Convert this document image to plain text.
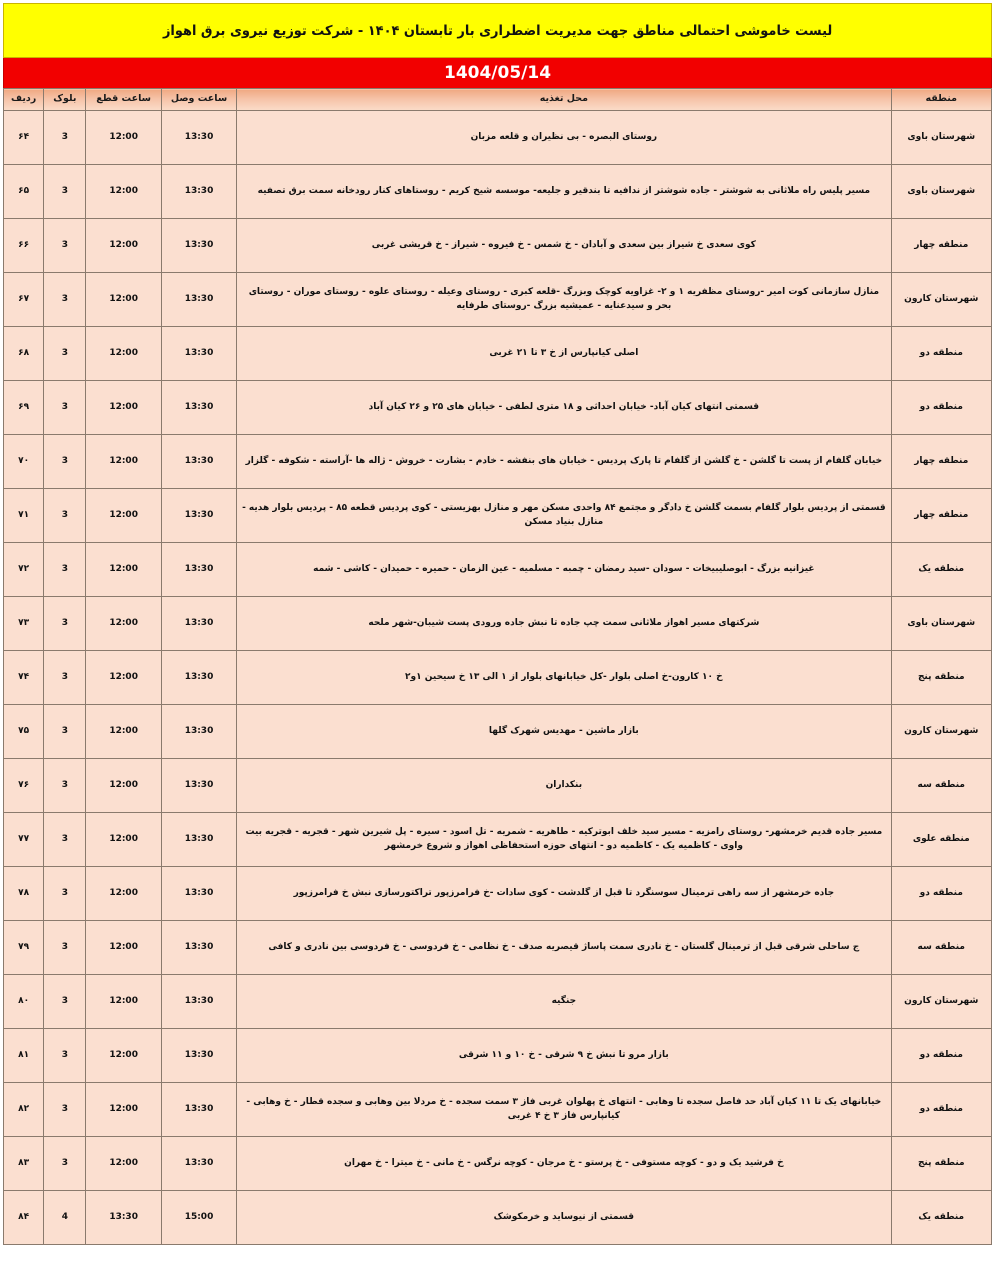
لیست خاموشی احتمالی مناطق جهت مدیریت اضطراری بار تابستان ۱۴۰۴ - شرکت توزیع نیروی برق اهواز
1404/05/14
منطقه	محل تغذیه	ساعت وصل	ساعت قطع	بلوک	ردیف
شهرستان باوی	روستای البصره - بی نظیران و قلعه مزبان	13:30	12:00	3	۶۴
شهرستان باوی	مسیر پلیس راه ملاثانی به شوشتر - جاده شوشتر از ندافیه تا بندقیر و جلیعه- موسسه شیخ کریم - روستاهای کنار رودخانه سمت برق تصفیه	13:30	12:00	3	۶۵
منطقه چهار	کوی سعدی خ شیراز بین سعدی و آبادان - خ شمس - خ فیروه - شیراز - خ قریشی غربی	13:30	12:00	3	۶۶
شهرستان کارون	منازل سازمانی کوت امیر -روستای مظفریه ۱ و ۲- غزاویه کوچک وبزرگ -قلعه کبری - روستای وعیله - روستای علوه - روستای موران - روستای بحر و سیدعنایه - عمیشیه بزرگ -روستای طرفایه	13:30	12:00	3	۶۷
منطقه دو	اصلی کیانپارس از خ ۳ تا ۲۱ غربی	13:30	12:00	3	۶۸
منطقه دو	قسمتی انتهای کیان آباد- خیابان احداثی و ۱۸ متری لطفی - خیابان های ۲۵ و ۲۶ کیان آباد	13:30	12:00	3	۶۹
منطقه چهار	خیابان گلفام از پست تا گلشن - خ گلشن از گلفام تا پارک پردیس - خیابان های بنفشه - خادم - بشارت - خروش - ژاله ها -آراسته - شکوفه - گلزار	13:30	12:00	3	۷۰
منطقه چهار	قسمتی از پردیس بلوار گلفام بسمت گلشن خ دادگر و مجتمع ۸۴ واحدی مسکن مهر و منازل بهزیستی - کوی پردیس قطعه ۸۵ - پردیس بلوار هدیه - منازل بنیاد مسکن	13:30	12:00	3	۷۱
منطقه یک	غیزانیه بزرگ - ابوصلیبیخات - سودان -سید رمضان - چمبه - مسلمیه - عین الزمان - حمیره - حمیدان - کاشی - شمه	13:30	12:00	3	۷۲
شهرستان باوی	شرکتهای مسیر اهواز ملاثانی سمت چپ جاده تا نبش جاده ورودی پست شیبان-شهر ملحه	13:30	12:00	3	۷۳
منطقه پنج	خ ۱۰ کارون-خ اصلی بلوار -کل خیابانهای بلوار از ۱ الی ۱۳ خ سیحین ۱و۲	13:30	12:00	3	۷۴
شهرستان کارون	بازار ماشین - مهدیس شهرک گلها	13:30	12:00	3	۷۵
منطقه سه	بنکداران	13:30	12:00	3	۷۶
منطقه علوی	مسیر جاده قدیم خرمشهر- روستای رامزیه - مسیر سید خلف ابوترکیه - طاهریه - شمریه - تل اسود - سیره - پل شیرین شهر - قجریه - قجریه بیت واوی - کاظمیه یک - کاظمیه دو - انتهای حوزه استحفاظی اهواز و شروع خرمشهر	13:30	12:00	3	۷۷
منطقه دو	جاده خرمشهر از سه راهی ترمینال سوسنگرد تا قبل از گلدشت - کوی سادات -خ فرامرزپور تراکتورسازی نبش خ فرامرزپور	13:30	12:00	3	۷۸
منطقه سه	ج ساحلی شرقی قبل از ترمینال گلستان - خ نادری سمت پاساژ قیصریه صدف - خ نظامی - خ فردوسی - خ فردوسی بین نادری و کافی	13:30	12:00	3	۷۹
شهرستان کارون	جنگیه	13:30	12:00	3	۸۰
منطقه دو	بازار مرو تا نبش خ ۹ شرقی - خ ۱۰ و ۱۱ شرقی	13:30	12:00	3	۸۱
منطقه دو	خیابانهای یک تا ۱۱ کیان آباد حد فاصل سجده تا وهابی - انتهای خ پهلوان غربی فاز ۳ سمت سجده - خ مردلا بین وهابی و سجده قطار - خ وهابی - کیانپارس فاز ۳ خ ۴ غربی	13:30	12:00	3	۸۲
منطقه پنج	خ فرشید یک و دو - کوچه مستوفی - خ پرستو - خ مرجان - کوچه نرگس - خ مانی - خ میترا - خ مهران	13:30	12:00	3	۸۳
منطقه یک	قسمتی از نیوساید و خرمکوشک	15:00	13:30	4	۸۴
